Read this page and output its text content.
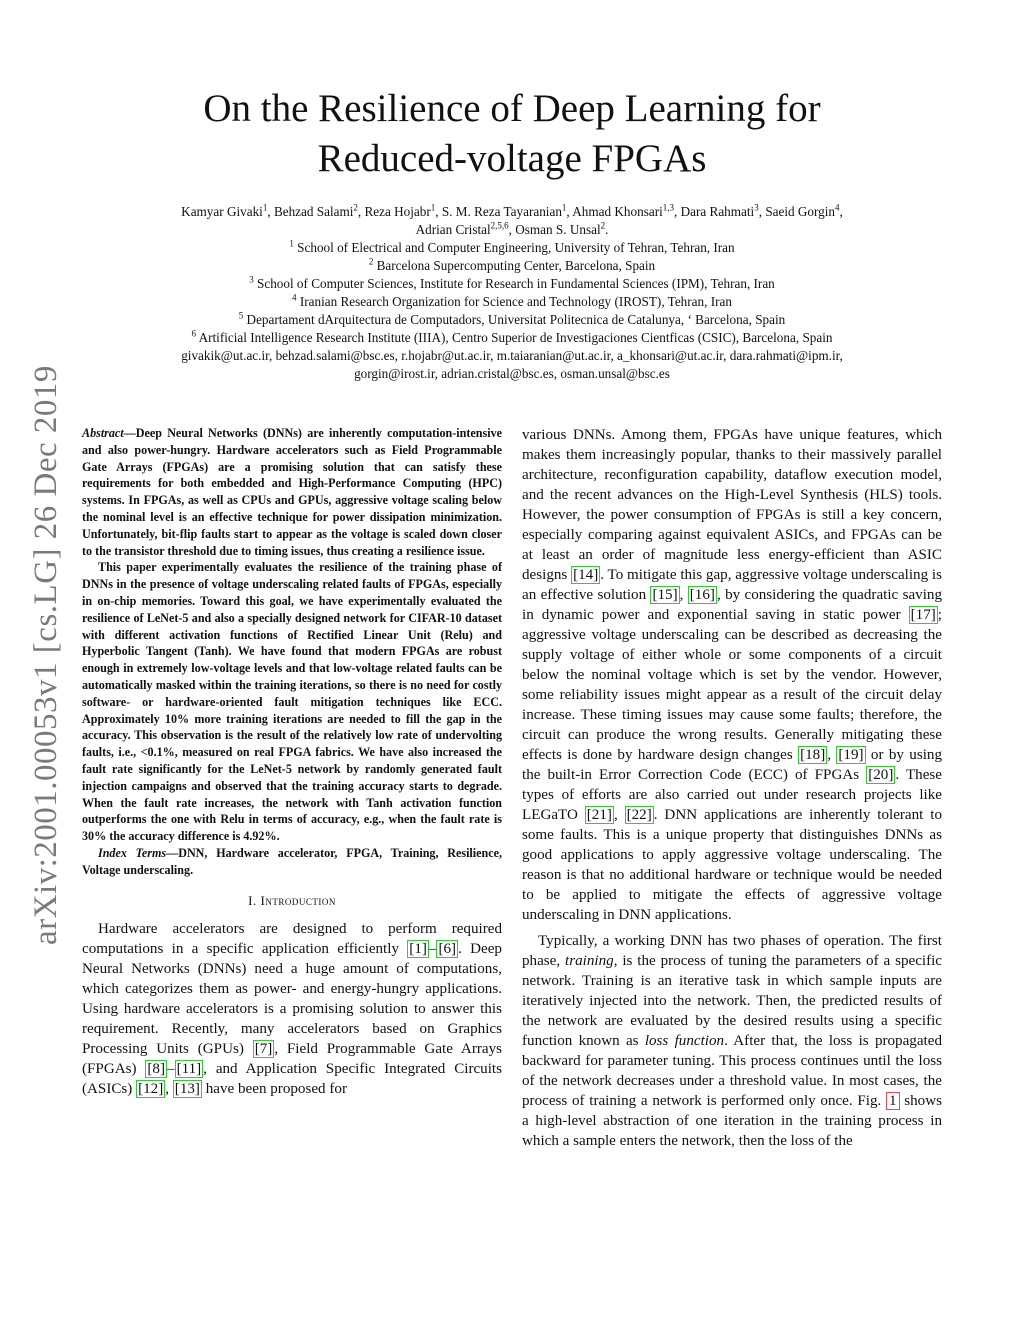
arXiv:2001.00053v1 [cs.LG] 26 Dec 2019
On the Resilience of Deep Learning for
Reduced-voltage FPGAs
Kamyar Givaki$^1$, Behzad Salami$^2$, Reza Hojabr$^1$, S. M. Reza Tayaranian$^1$, Ahmad Khonsari$^{1,3}$, Dara Rahmati$^3$, Saeid Gorgin$^4$,
Adrian Cristal$^{2,5,6}$, Osman S. Unsal$^2$.
$^1$ School of Electrical and Computer Engineering, University of Tehran, Tehran, Iran
$^2$ Barcelona Supercomputing Center, Barcelona, Spain
$^3$ School of Computer Sciences, Institute for Research in Fundamental Sciences (IPM), Tehran, Iran
$^4$ Iranian Research Organization for Science and Technology (IROST), Tehran, Iran
$^5$ Departament dArquitectura de Computadors, Universitat Politecnica de Catalunya, ‘ Barcelona, Spain
$^6$ Artificial Intelligence Research Institute (IIIA), Centro Superior de Investigaciones Cientficas (CSIC), Barcelona, Spain
givakik@ut.ac.ir, behzad.salami@bsc.es, r.hojabr@ut.ac.ir, m.taiaranian@ut.ac.ir, a_khonsari@ut.ac.ir, dara.rahmati@ipm.ir,
gorgin@irost.ir, adrian.cristal@bsc.es, osman.unsal@bsc.es

Abstract—Deep Neural Networks (DNNs) are inherently computation-intensive and also power-hungry. Hardware accelerators such as Field Programmable Gate Arrays (FPGAs) are a promising solution that can satisfy these requirements for both embedded and High-Performance Computing (HPC) systems. In FPGAs, as well as CPUs and GPUs, aggressive voltage scaling below the nominal level is an effective technique for power dissipation minimization. Unfortunately, bit-flip faults start to appear as the voltage is scaled down closer to the transistor threshold due to timing issues, thus creating a resilience issue.

This paper experimentally evaluates the resilience of the training phase of DNNs in the presence of voltage underscaling related faults of FPGAs, especially in on-chip memories. Toward this goal, we have experimentally evaluated the resilience of LeNet-5 and also a specially designed network for CIFAR-10 dataset with different activation functions of Rectified Linear Unit (Relu) and Hyperbolic Tangent (Tanh). We have found that modern FPGAs are robust enough in extremely low-voltage levels and that low-voltage related faults can be automatically masked within the training iterations, so there is no need for costly software- or hardware-oriented fault mitigation techniques like ECC. Approximately 10% more training iterations are needed to fill the gap in the accuracy. This observation is the result of the relatively low rate of undervolting faults, i.e., <0.1%, measured on real FPGA fabrics. We have also increased the fault rate significantly for the LeNet-5 network by randomly generated fault injection campaigns and observed that the training accuracy starts to degrade. When the fault rate increases, the network with Tanh activation function outperforms the one with Relu in terms of accuracy, e.g., when the fault rate is 30% the accuracy difference is 4.92%.

Index Terms—DNN, Hardware accelerator, FPGA, Training, Resilience, Voltage underscaling.

I. Introduction

Hardware accelerators are designed to perform required computations in a specific application efficiently [1] – [6] . Deep Neural Networks (DNNs) need a huge amount of computations, which categorizes them as power- and energy-hungry applications. Using hardware accelerators is a promising solution to answer this requirement. Recently, many accelerators based on Graphics Processing Units (GPUs) [7] , Field Programmable Gate Arrays (FPGAs) [8] – [11] , and Application Specific Integrated Circuits (ASICs) [12] , [13] have been proposed for

various DNNs. Among them, FPGAs have unique features, which makes them increasingly popular, thanks to their massively parallel architecture, reconfiguration capability, dataflow execution model, and the recent advances on the High-Level Synthesis (HLS) tools. However, the power consumption of FPGAs is still a key concern, especially comparing against equivalent ASICs, and FPGAs can be at least an order of magnitude less energy-efficient than ASIC designs [14] . To mitigate this gap, aggressive voltage underscaling is an effective solution [15] , [16] , by considering the quadratic saving in dynamic power and exponential saving in static power [17] ; aggressive voltage underscaling can be described as decreasing the supply voltage of either whole or some components of a circuit below the nominal voltage which is set by the vendor. However, some reliability issues might appear as a result of the circuit delay increase. These timing issues may cause some faults; therefore, the circuit can produce the wrong results. Generally mitigating these effects is done by hardware design changes [18] , [19] or by using the built-in Error Correction Code (ECC) of FPGAs [20] . These types of efforts are also carried out under research projects like LEGaTO [21] , [22] . DNN applications are inherently tolerant to some faults. This is a unique property that distinguishes DNNs as good applications to apply aggressive voltage underscaling. The reason is that no additional hardware or technique would be needed to be applied to mitigate the effects of aggressive voltage underscaling in DNN applications.

Typically, a working DNN has two phases of operation. The first phase, training, is the process of tuning the parameters of a specific network. Training is an iterative task in which sample inputs are iteratively injected into the network. Then, the predicted results of the network are evaluated by the desired results using a specific function known as loss function. After that, the loss is propagated backward for parameter tuning. This process continues until the loss of the network decreases under a threshold value. In most cases, the process of training a network is performed only once. Fig. 1 shows a high-level abstraction of one iteration in the training process in which a sample enters the network, then the loss of the
